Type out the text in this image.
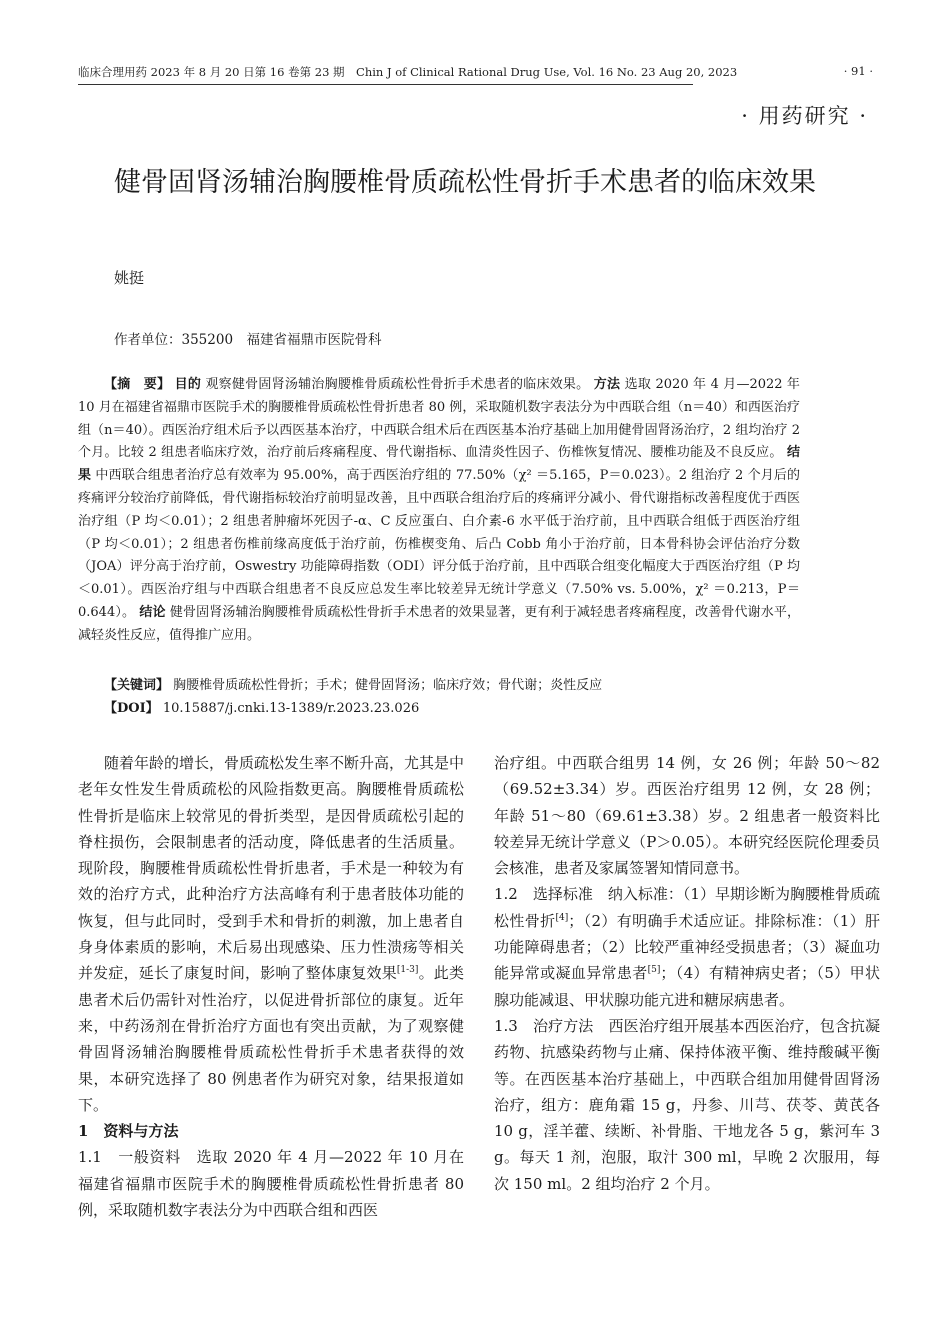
临床合理用药 2023 年 8 月 20 日第 16 卷第 23 期　Chin J of Clinical Rational Drug Use, Vol. 16 No. 23 Aug 20, 2023	· 91 ·
· 用药研究 ·
健骨固肾汤辅治胸腰椎骨质疏松性骨折手术患者的临床效果
姚挺
作者单位：355200　福建省福鼎市医院骨科

【摘　要】 目的 观察健骨固肾汤辅治胸腰椎骨质疏松性骨折手术患者的临床效果。 方法 选取 2020 年 4 月—2022 年 10 月在福建省福鼎市医院手术的胸腰椎骨质疏松性骨折患者 80 例，采取随机数字表法分为中西联合组（n＝40）和西医治疗组（n＝40）。西医治疗组术后予以西医基本治疗，中西联合组术后在西医基本治疗基础上加用健骨固肾汤治疗，2 组均治疗 2 个月。比较 2 组患者临床疗效，治疗前后疼痛程度、骨代谢指标、血清炎性因子、伤椎恢复情况、腰椎功能及不良反应。 结果 中西联合组患者治疗总有效率为 95.00%，高于西医治疗组的 77.50%（χ² ＝5.165，P＝0.023）。2 组治疗 2 个月后的疼痛评分较治疗前降低，骨代谢指标较治疗前明显改善，且中西联合组治疗后的疼痛评分减小、骨代谢指标改善程度优于西医治疗组（P 均＜0.01）；2 组患者肿瘤坏死因子-α、C 反应蛋白、白介素-6 水平低于治疗前，且中西联合组低于西医治疗组（P 均＜0.01）；2 组患者伤椎前缘高度低于治疗前，伤椎楔变角、后凸 Cobb 角小于治疗前，日本骨科协会评估治疗分数（JOA）评分高于治疗前，Oswestry 功能障碍指数（ODI）评分低于治疗前，且中西联合组变化幅度大于西医治疗组（P 均＜0.01）。西医治疗组与中西联合组患者不良反应总发生率比较差异无统计学意义（7.50% vs. 5.00%，χ² ＝0.213，P＝0.644）。 结论 健骨固肾汤辅治胸腰椎骨质疏松性骨折手术患者的效果显著，更有利于减轻患者疼痛程度，改善骨代谢水平，减轻炎性反应，值得推广应用。

【关键词】 胸腰椎骨质疏松性骨折；手术；健骨固肾汤；临床疗效；骨代谢；炎性反应
【DOI】 10.15887/j.cnki.13-1389/r.2023.23.026

随着年龄的增长，骨质疏松发生率不断升高，尤其是中老年女性发生骨质疏松的风险指数更高。胸腰椎骨质疏松性骨折是临床上较常见的骨折类型，是因骨质疏松引起的脊柱损伤，会限制患者的活动度，降低患者的生活质量。现阶段，胸腰椎骨质疏松性骨折患者，手术是一种较为有效的治疗方式，此种治疗方法高峰有利于患者肢体功能的恢复，但与此同时，受到手术和骨折的刺激，加上患者自身身体素质的影响，术后易出现感染、压力性溃疡等相关并发症，延长了康复时间，影响了整体康复效果[1-3]。此类患者术后仍需针对性治疗，以促进骨折部位的康复。近年来，中药汤剂在骨折治疗方面也有突出贡献，为了观察健骨固肾汤辅治胸腰椎骨质疏松性骨折手术患者获得的效果，本研究选择了 80 例患者作为研究对象，结果报道如下。

1　资料与方法

1.1　一般资料　选取 2020 年 4 月—2022 年 10 月在福建省福鼎市医院手术的胸腰椎骨质疏松性骨折患者 80 例，采取随机数字表法分为中西联合组和西医

治疗组。中西联合组男 14 例，女 26 例；年龄 50～82（69.52±3.34）岁。西医治疗组男 12 例，女 28 例；年龄 51～80（69.61±3.38）岁。2 组患者一般资料比较差异无统计学意义（P＞0.05）。本研究经医院伦理委员会核准，患者及家属签署知情同意书。

1.2　选择标准　纳入标准：（1）早期诊断为胸腰椎骨质疏松性骨折[4]；（2）有明确手术适应证。排除标准：（1）肝功能障碍患者；（2）比较严重神经受损患者；（3）凝血功能异常或凝血异常患者[5]；（4）有精神病史者；（5）甲状腺功能减退、甲状腺功能亢进和糖尿病患者。

1.3　治疗方法　西医治疗组开展基本西医治疗，包含抗凝药物、抗感染药物与止痛、保持体液平衡、维持酸碱平衡等。在西医基本治疗基础上，中西联合组加用健骨固肾汤治疗，组方：鹿角霜 15 g，丹参、川芎、茯苓、黄芪各 10 g，淫羊藿、续断、补骨脂、干地龙各 5 g，紫河车 3 g。每天 1 剂，泡服，取汁 300 ml，早晚 2 次服用，每次 150 ml。2 组均治疗 2 个月。
